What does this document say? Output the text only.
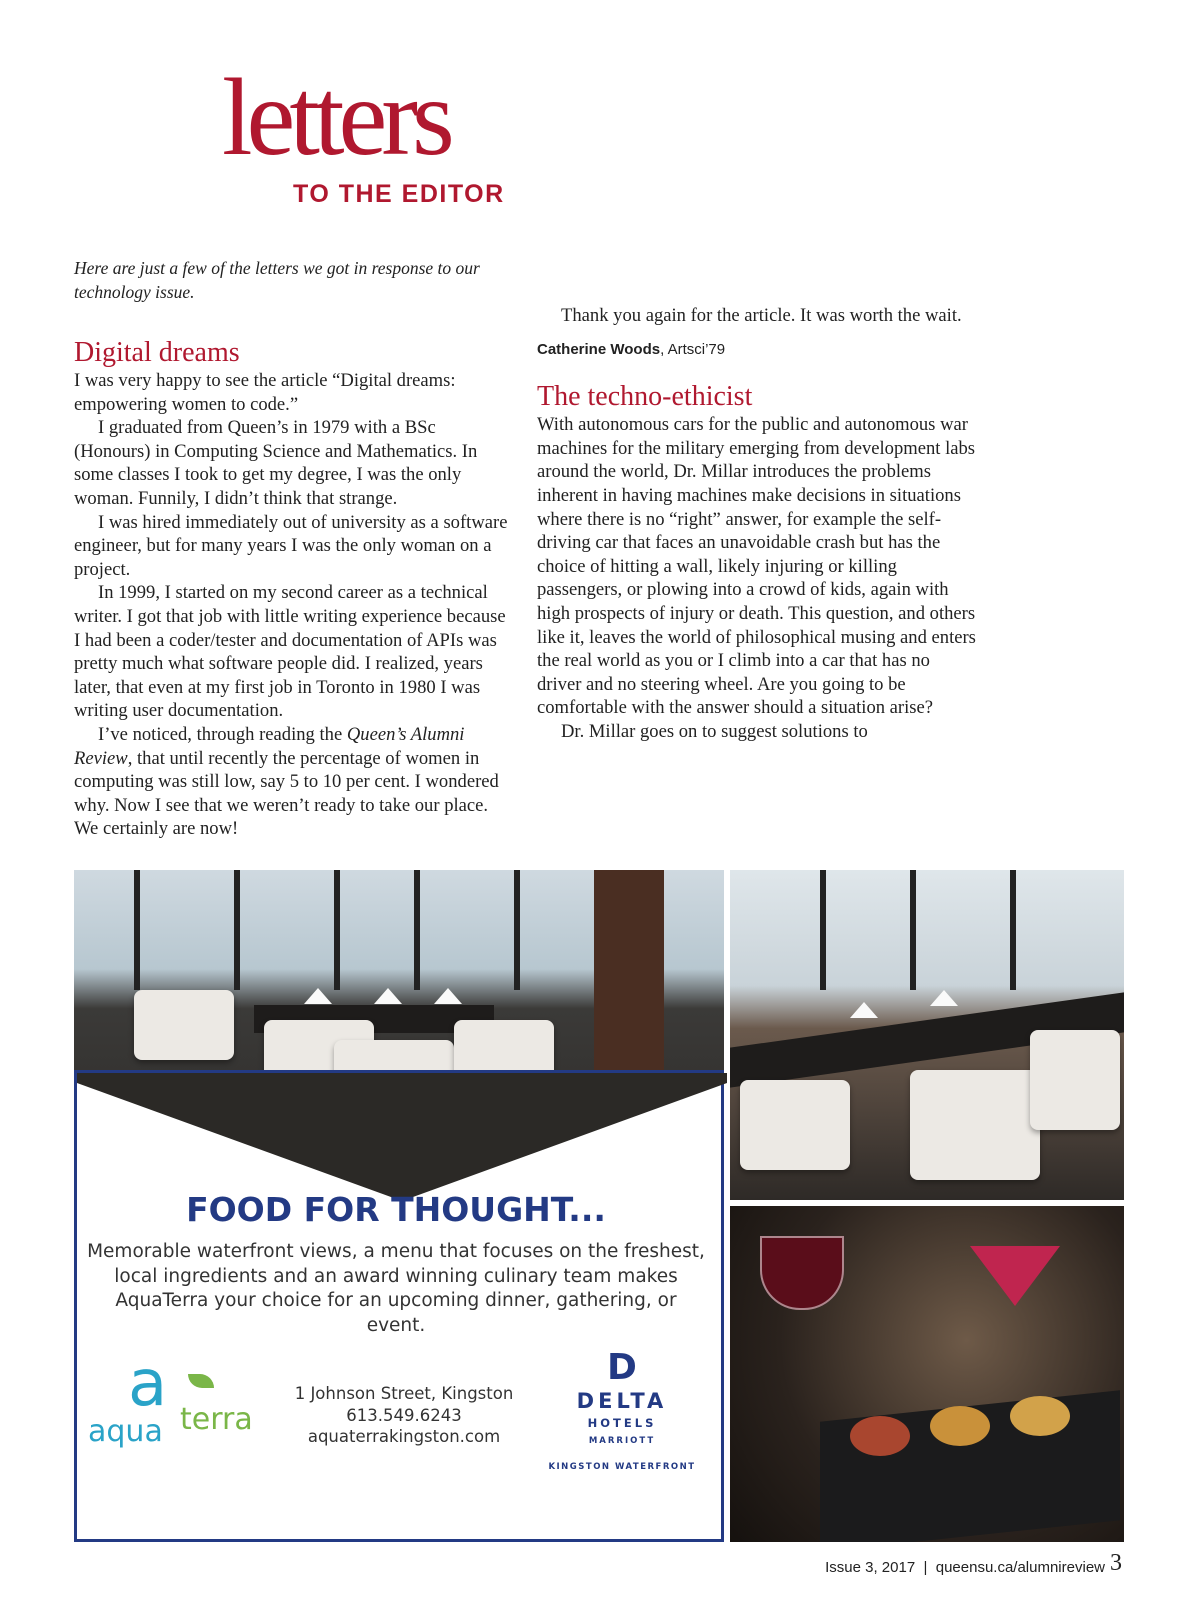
letters
TO THE EDITOR

Here are just a few of the letters we got in response to our technology issue.

Digital dreams

I was very happy to see the article “Digital dreams: empowering women to code.”

I graduated from Queen’s in 1979 with a BSc (Honours) in Computing Science and Mathematics. In some classes I took to get my degree, I was the only woman. Funnily, I didn’t think that strange.

I was hired immediately out of university as a software engineer, but for many years I was the only woman on a project.

In 1999, I started on my second career as a technical writer. I got that job with little writing experience because I had been a coder/tester and documentation of APIs was pretty much what software people did. I realized, years later, that even at my first job in Toronto in 1980 I was writing user documentation.

I’ve noticed, through reading the Queen’s Alumni Review, that until recently the percentage of women in computing was still low, say 5 to 10 per cent. I wondered why. Now I see that we weren’t ready to take our place. We certainly are now!

Thank you again for the article. It was worth the wait.

Catherine Woods, Artsci’79

The techno-ethicist

With autonomous cars for the public and autonomous war machines for the military emerging from development labs around the world, Dr. Millar introduces the problems inherent in having machines make decisions in situations where there is no “right” answer, for example the self-driving car that faces an unavoidable crash but has the choice of hitting a wall, likely injuring or killing passengers, or plowing into a crowd of kids, again with high prospects of injury or death. This question, and others like it, leaves the world of philosophical musing and enters the real world as you or I climb into a car that has no driver and no steering wheel. Are you going to be comfortable with the answer should a situation arise?

Dr. Millar goes on to suggest solutions to

FOOD FOR THOUGHT...
Memorable waterfront views, a menu that focuses on the freshest, local ingredients and an award winning culinary team makes AquaTerra your choice for an upcoming dinner, gathering, or event.
a
aqua terra
1 Johnson Street, Kingston
613.549.6243
aquaterrakingston.com
D
DELTA
HOTELS
MARRIOTT
KINGSTON WATERFRONT
Issue 3, 2017  |  queensu.ca/alumnireview 3
